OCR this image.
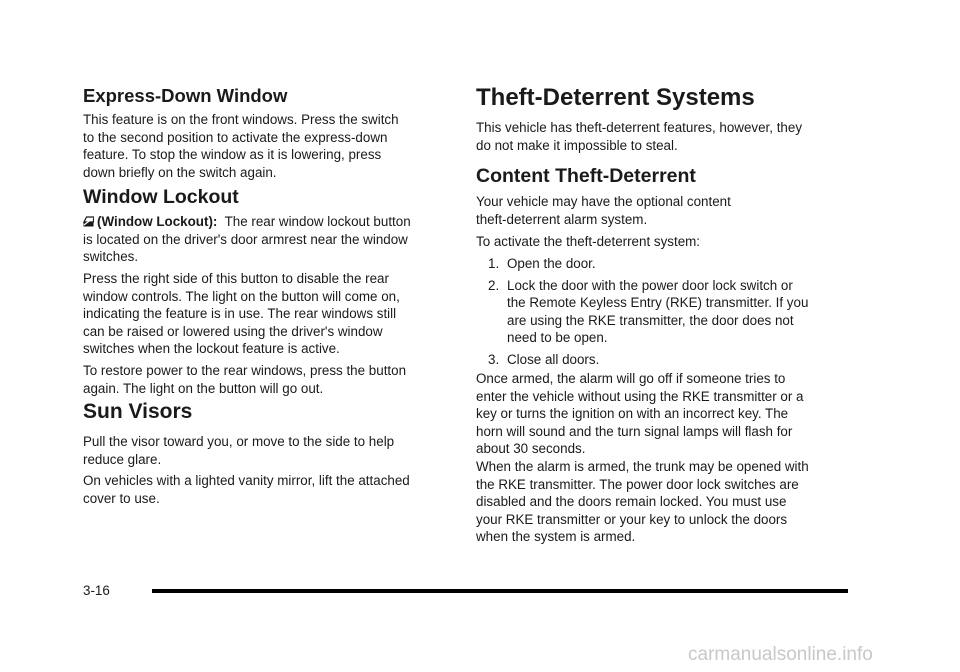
Express-Down Window

This feature is on the front windows. Press the switch
to the second position to activate the express-down
feature. To stop the window as it is lowering, press
down briefly on the switch again.

Window Lockout

(Window Lockout): The rear window lockout button
is located on the driver's door armrest near the window
switches.

Press the right side of this button to disable the rear
window controls. The light on the button will come on,
indicating the feature is in use. The rear windows still
can be raised or lowered using the driver's window
switches when the lockout feature is active.

To restore power to the rear windows, press the button
again. The light on the button will go out.

Sun Visors

Pull the visor toward you, or move to the side to help
reduce glare.

On vehicles with a lighted vanity mirror, lift the attached
cover to use.

Theft-Deterrent Systems

This vehicle has theft-deterrent features, however, they
do not make it impossible to steal.

Content Theft-Deterrent

Your vehicle may have the optional content
theft-deterrent alarm system.

To activate the theft-deterrent system:

1. Open the door.
2. Lock the door with the power door lock switch or
the Remote Keyless Entry (RKE) transmitter. If you
are using the RKE transmitter, the door does not
need to be open.
3. Close all doors.

Once armed, the alarm will go off if someone tries to
enter the vehicle without using the RKE transmitter or a
key or turns the ignition on with an incorrect key. The
horn will sound and the turn signal lamps will flash for
about 30 seconds.

When the alarm is armed, the trunk may be opened with
the RKE transmitter. The power door lock switches are
disabled and the doors remain locked. You must use
your RKE transmitter or your key to unlock the doors
when the system is armed.

3-16
carmanualsonline.info
